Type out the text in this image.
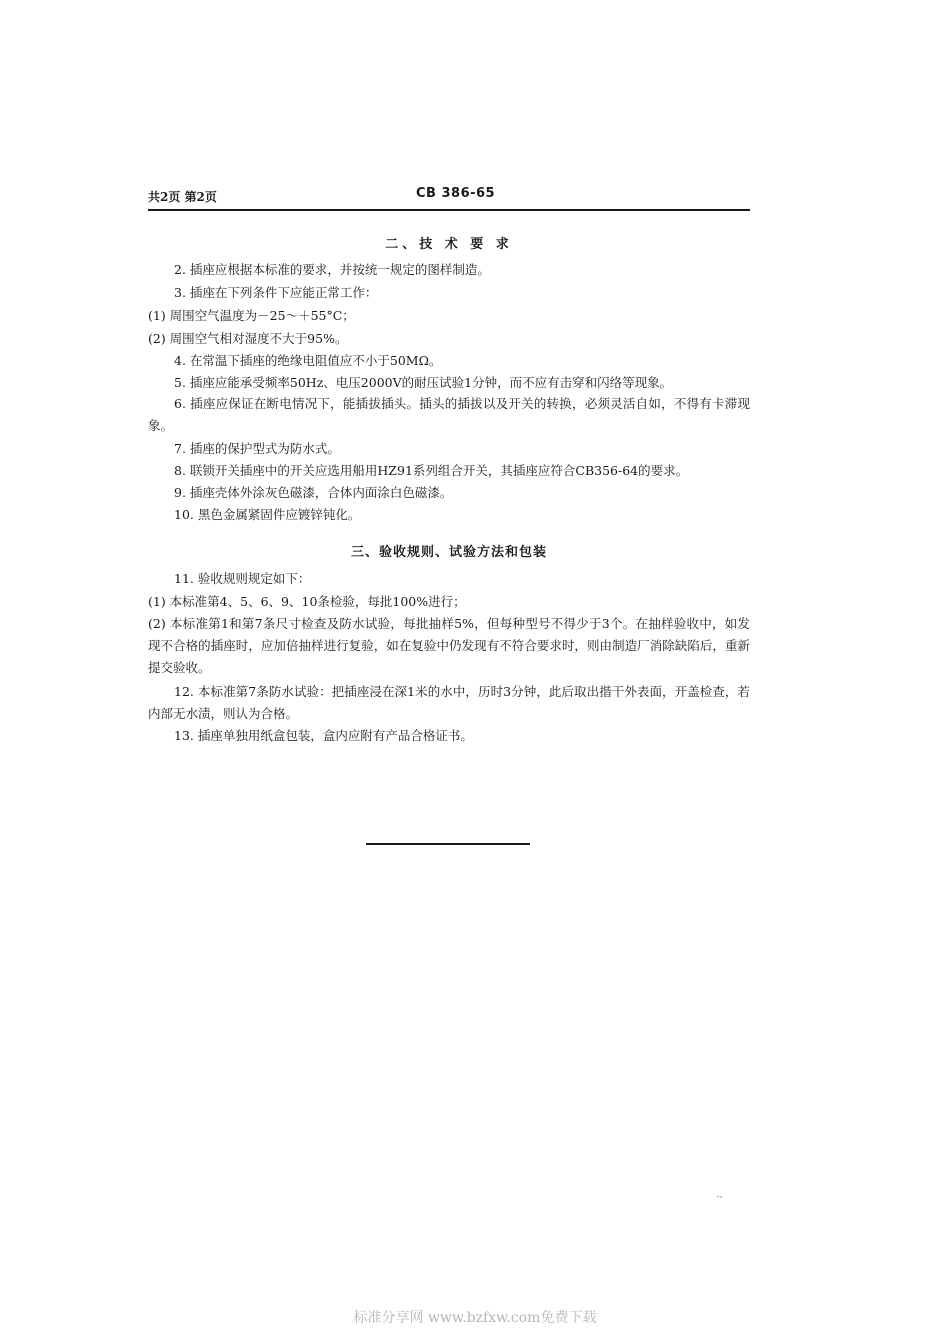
共2页 第2页	CB 386-65
二、技 术 要 求
2. 插座应根据本标准的要求，并按统一规定的图样制造。
3. 插座在下列条件下应能正常工作：
(1) 周围空气温度为－25～＋55°C；
(2) 周围空气相对湿度不大于95%。
4. 在常温下插座的绝缘电阻值应不小于50MΩ。
5. 插座应能承受频率50Hz、电压2000V的耐压试验1分钟，而不应有击穿和闪络等现象。
6. 插座应保证在断电情况下，能插拔插头。插头的插拔以及开关的转换，必须灵活自如，不得有卡滞现象。
7. 插座的保护型式为防水式。
8. 联锁开关插座中的开关应选用船用HZ91系列组合开关，其插座应符合CB356-64的要求。
9. 插座壳体外涂灰色磁漆，合体内面涂白色磁漆。
10. 黑色金属紧固件应镀锌钝化。
三、验收规则、试验方法和包装
11. 验收规则规定如下：
(1) 本标准第4、5、6、9、10条检验，每批100%进行；
(2) 本标准第1和第7条尺寸检查及防水试验，每批抽样5%，但每种型号不得少于3个。在抽样验收中，如发现不合格的插座时，应加倍抽样进行复验，如在复验中仍发现有不符合要求时，则由制造厂消除缺陷后，重新提交验收。
12. 本标准第7条防水试验：把插座浸在深1米的水中，历时3分钟，此后取出揩干外表面，开盖检查，若内部无水渍，则认为合格。
13. 插座单独用纸盒包装，盒内应附有产品合格证书。
·-
标准分享网 www.bzfxw.com免费下载
